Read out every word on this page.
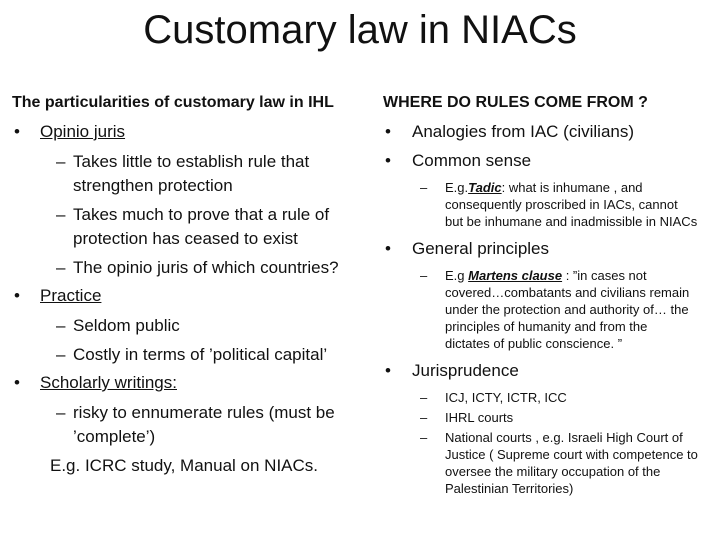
Customary law in NIACs
The particularities of customary law in IHL
• Opinio juris
– Takes little to establish rule that strengthen protection
– Takes much to prove that a rule of protection has ceased to exist
– The opinio juris of which countries?
• Practice
– Seldom public
– Costly in terms of ’political capital’
• Scholarly writings:
– risky to ennumerate rules (must be ’complete’)
E.g. ICRC study, Manual on NIACs.
WHERE DO RULES COME FROM ?
• Analogies from IAC (civilians)
• Common sense
– E.g.Tadic: what is inhumane , and
consequently proscribed in IACs, cannot
but be inhumane and inadmissible in NIACs
• General principles
– E.g Martens clause : ”in cases not
covered…combatants and civilians remain
under the protection and authority of… the
principles of humanity and from the
dictates of public conscience. ”
• Jurisprudence
– ICJ, ICTY, ICTR, ICC
– IHRL courts
– National courts , e.g. Israeli High Court of Justice ( Supreme court with competence to oversee the military occupation of the Palestinian Territories)
